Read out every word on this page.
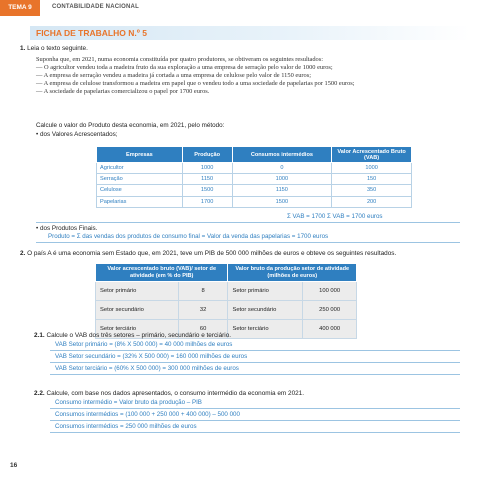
TEMA 9	CONTABILIDADE NACIONAL
FICHA DE TRABALHO N.º 5
1. Leia o texto seguinte.
Suponha que, em 2021, numa economia constituída por quatro produtores, se obtiveram os seguintes resultados:
— O agricultor vendeu toda a madeira fruto da sua exploração a uma empresa de serração pelo valor de 1000 euros;
— A empresa de serração vendeu a madeira já cortada a uma empresa de celulose pelo valor de 1150 euros;
— A empresa de celulose transformou a madeira em papel que o vendeu todo a uma sociedade de papelarias por 1500 euros;
— A sociedade de papelarias comercializou o papel por 1700 euros.
Calcule o valor do Produto desta economia, em 2021, pelo método:
• dos Valores Acrescentados;
Empresas	Produção	Consumos intermédios	Valor Acrescentado Bruto (VAB)
Agricultor	1000	0	1000
Serração	1150	1000	150
Celulose	1500	1150	350
Papelarias	1700	1500	200
Σ VAB = 1700 Σ VAB = 1700 euros
• dos Produtos Finais.
Produto = Σ das vendas dos produtos de consumo final = Valor da venda das papelarias = 1700 euros
2. O país A é uma economia sem Estado que, em 2021, teve um PIB de 500 000 milhões de euros e obteve os seguintes resultados.
Valor acrescentado bruto (VAB)/ setor de atividade (em % do PIB)		Valor bruto da produção setor de atividade (milhões de euros)	
Setor primário	8	Setor primário	100 000
Setor secundário	32	Setor secundário	250 000
Setor terciário	60	Setor terciário	400 000
2.1. Calcule o VAB dos três setores – primário, secundário e terciário.
VAB Setor primário = (8% X 500 000) = 40 000 milhões de euros
VAB Setor secundário = (32% X 500 000) = 160 000 milhões de euros
VAB Setor terciário = (60% X 500 000) = 300 000 milhões de euros
2.2. Calcule, com base nos dados apresentados, o consumo intermédio da economia em 2021.
Consumo intermédio = Valor bruto da produção – PIB
Consumos intermédios = (100 000 + 250 000 + 400 000) – 500 000
Consumos intermédios = 250 000 milhões de euros
16
